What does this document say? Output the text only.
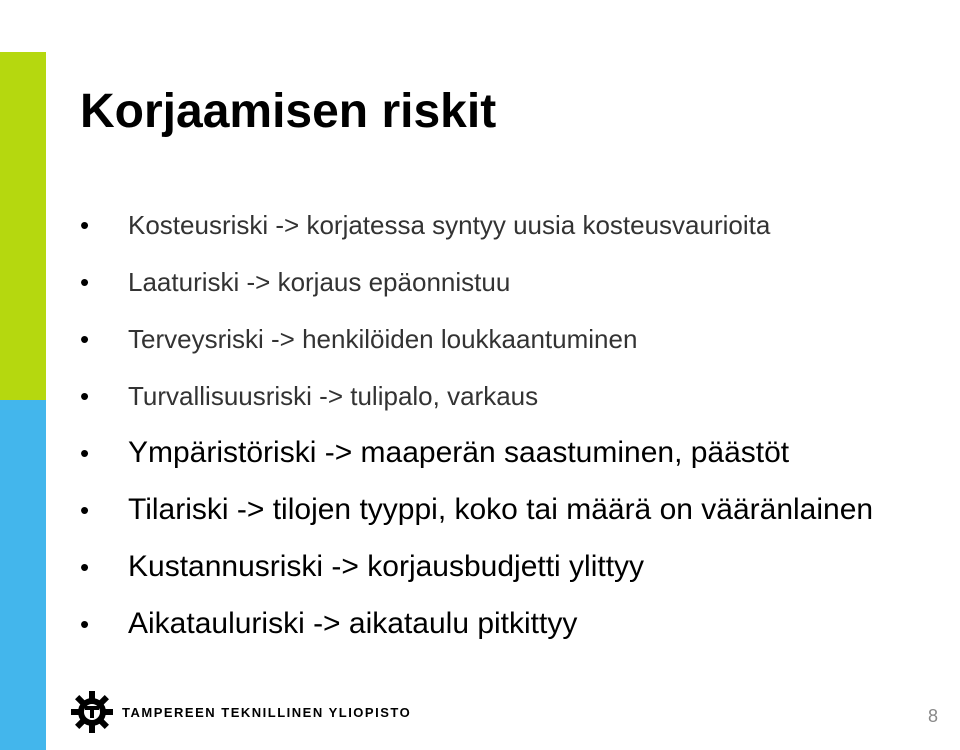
Korjaamisen riskit
•	Kosteusriski -> korjatessa syntyy uusia kosteusvaurioita
•	Laaturiski -> korjaus epäonnistuu
•	Terveysriski -> henkilöiden loukkaantuminen
•	Turvallisuusriski -> tulipalo, varkaus
•	Ympäristöriski -> maaperän saastuminen, päästöt
•	Tilariski -> tilojen tyyppi, koko tai määrä on vääränlainen
•	Kustannusriski -> korjausbudjetti ylittyy
•	Aikatauluriski -> aikataulu pitkittyy
TAMPEREEN TEKNILLINEN YLIOPISTO	8
